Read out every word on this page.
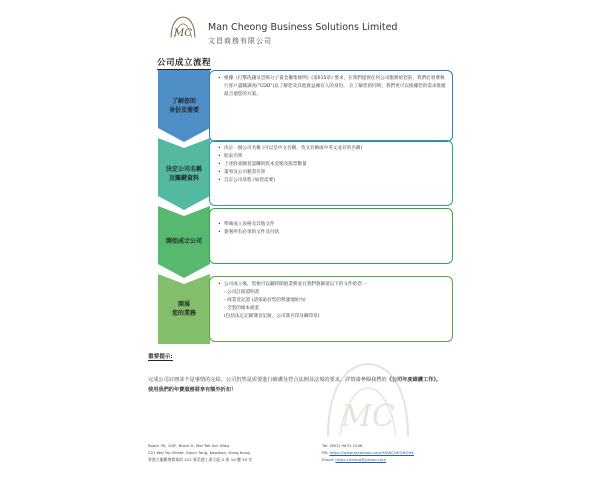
MC
Man Cheong Business Solutions Limited
文昌商務有限公司
公司成立流程
了解您的
身份及需要
• 根據《打擊洗錢及恐怖分子資金籌集條例》(第615章) 要求，在我們提供任何公司服務給您前，我們必須要執行客戶盡職調查("CDD")以了解您及其他實益擁有人的身份。 在了解您的同時，我們更可以根據您的需求推薦最合適您的方案。
決定公司名稱
及關鍵資料
• 決定一個公司名稱 (可以是中文名稱，英文名稱或中英文並存的名稱)
• 股東名單
• 上述股東願意認購的股本金額及股票數量
• 董事及公司秘書名單
• 自訂公司章程 (如您需要)
開始成立公司
• 準備成立表格及其他文件
• 簽署所有必須的文件及付款
開展
您的業務
• 公司成立後，您便可以隨時開展業務並且我們會歸還以下的文件給您: -
- 公司註冊證明書
- 商業登記證 (請張貼於您的營運地址內)
- 全套的綠本冊套
(包括法定記錄簿登記冊、公司簽名印及鋼印章)
MC
重要提示:
完成公司註冊並不是事情的完結，公司仍然是需要進行維護及符合法例及法規的要求，詳情請參閱我們的《公司年度維護工作》。 使用我們的年費服務將享有額外折扣！
Room 39, 10/F, Block D, Mai Tak Ind. Bldg.
221 Wai Yip Street, Kwun Tong, Kowloon, Hong Kong.
香港九龍觀塘偉業街 221 號美德工業大廈 D 座 10 樓 39 室
Tel: (852) 9031 1246
FB: https://www.facebook.com/MANCHEONGHK
Email: https.cheong@yahoo.com
